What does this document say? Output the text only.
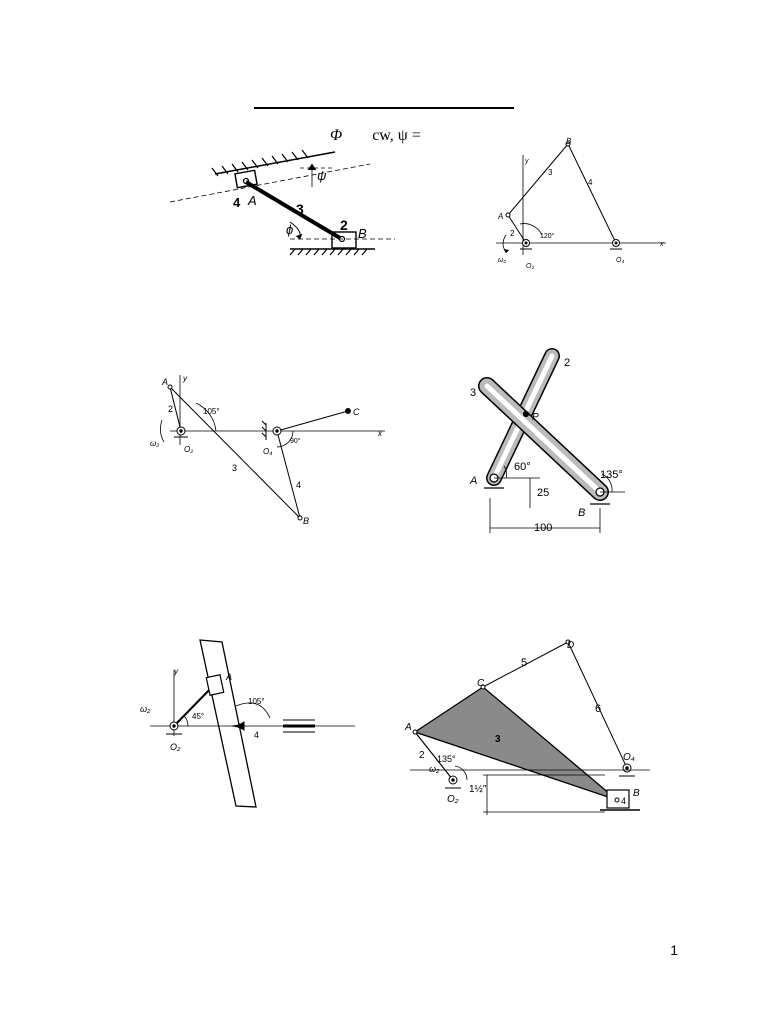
Φ cw, ψ =
4 A
3
2
B
ψ
ϕ
B
A
3
4
2	120°
y
x
ω₂
O₂
O₄
A y
2	105°
ω₂
O₂
3
O₄
90°
4
B
C
x
2
3
P
60°
135°
A
B
25
100
y
ω₂
A
105°
45°
O₂
4
D
5
C
6
O₄
A
3
2
ω₂
135°
O₂
1½"
4
B
1
